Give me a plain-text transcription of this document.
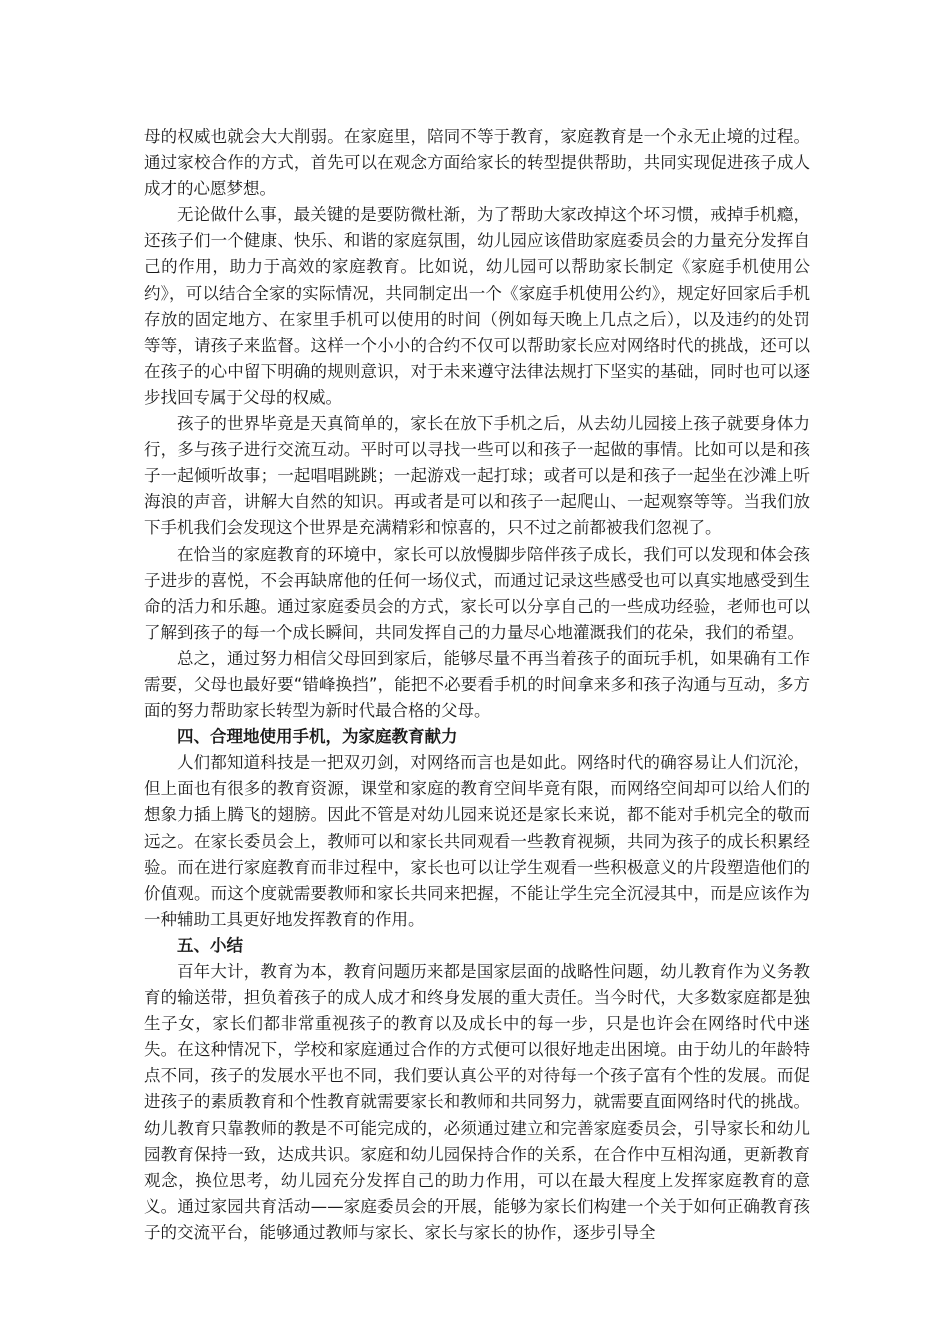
母的权威也就会大大削弱。在家庭里，陪同不等于教育，家庭教育是一个永无止境的过程。通过家校合作的方式，首先可以在观念方面给家长的转型提供帮助，共同实现促进孩子成人成才的心愿梦想。

无论做什么事，最关键的是要防微杜渐，为了帮助大家改掉这个坏习惯，戒掉手机瘾，还孩子们一个健康、快乐、和谐的家庭氛围，幼儿园应该借助家庭委员会的力量充分发挥自己的作用，助力于高效的家庭教育。比如说，幼儿园可以帮助家长制定《家庭手机使用公约》，可以结合全家的实际情况，共同制定出一个《家庭手机使用公约》，规定好回家后手机存放的固定地方、在家里手机可以使用的时间（例如每天晚上几点之后），以及违约的处罚等等，请孩子来监督。这样一个小小的合约不仅可以帮助家长应对网络时代的挑战，还可以在孩子的心中留下明确的规则意识，对于未来遵守法律法规打下坚实的基础，同时也可以逐步找回专属于父母的权威。

孩子的世界毕竟是天真简单的，家长在放下手机之后，从去幼儿园接上孩子就要身体力行，多与孩子进行交流互动。平时可以寻找一些可以和孩子一起做的事情。比如可以是和孩子一起倾听故事；一起唱唱跳跳；一起游戏一起打球；或者可以是和孩子一起坐在沙滩上听海浪的声音，讲解大自然的知识。再或者是可以和孩子一起爬山、一起观察等等。当我们放下手机我们会发现这个世界是充满精彩和惊喜的，只不过之前都被我们忽视了。

在恰当的家庭教育的环境中，家长可以放慢脚步陪伴孩子成长，我们可以发现和体会孩子进步的喜悦，不会再缺席他的任何一场仪式，而通过记录这些感受也可以真实地感受到生命的活力和乐趣。通过家庭委员会的方式，家长可以分享自己的一些成功经验，老师也可以了解到孩子的每一个成长瞬间，共同发挥自己的力量尽心地灌溉我们的花朵，我们的希望。

总之，通过努力相信父母回到家后，能够尽量不再当着孩子的面玩手机，如果确有工作需要，父母也最好要“错峰换挡”，能把不必要看手机的时间拿来多和孩子沟通与互动，多方面的努力帮助家长转型为新时代最合格的父母。

四、合理地使用手机，为家庭教育献力

人们都知道科技是一把双刃剑，对网络而言也是如此。网络时代的确容易让人们沉沦，但上面也有很多的教育资源，课堂和家庭的教育空间毕竟有限，而网络空间却可以给人们的想象力插上腾飞的翅膀。因此不管是对幼儿园来说还是家长来说，都不能对手机完全的敬而远之。在家长委员会上，教师可以和家长共同观看一些教育视频，共同为孩子的成长积累经验。而在进行家庭教育而非过程中，家长也可以让学生观看一些积极意义的片段塑造他们的价值观。而这个度就需要教师和家长共同来把握，不能让学生完全沉浸其中，而是应该作为一种辅助工具更好地发挥教育的作用。

五、小结

百年大计，教育为本，教育问题历来都是国家层面的战略性问题，幼儿教育作为义务教育的输送带，担负着孩子的成人成才和终身发展的重大责任。当今时代，大多数家庭都是独生子女，家长们都非常重视孩子的教育以及成长中的每一步，只是也许会在网络时代中迷失。在这种情况下，学校和家庭通过合作的方式便可以很好地走出困境。由于幼儿的年龄特点不同，孩子的发展水平也不同，我们要认真公平的对待每一个孩子富有个性的发展。而促进孩子的素质教育和个性教育就需要家长和教师和共同努力，就需要直面网络时代的挑战。幼儿教育只靠教师的教是不可能完成的，必须通过建立和完善家庭委员会，引导家长和幼儿园教育保持一致，达成共识。家庭和幼儿园保持合作的关系，在合作中互相沟通，更新教育观念，换位思考，幼儿园充分发挥自己的助力作用，可以在最大程度上发挥家庭教育的意义。通过家园共育活动——家庭委员会的开展，能够为家长们构建一个关于如何正确教育孩子的交流平台，能够通过教师与家长、家长与家长的协作，逐步引导全
